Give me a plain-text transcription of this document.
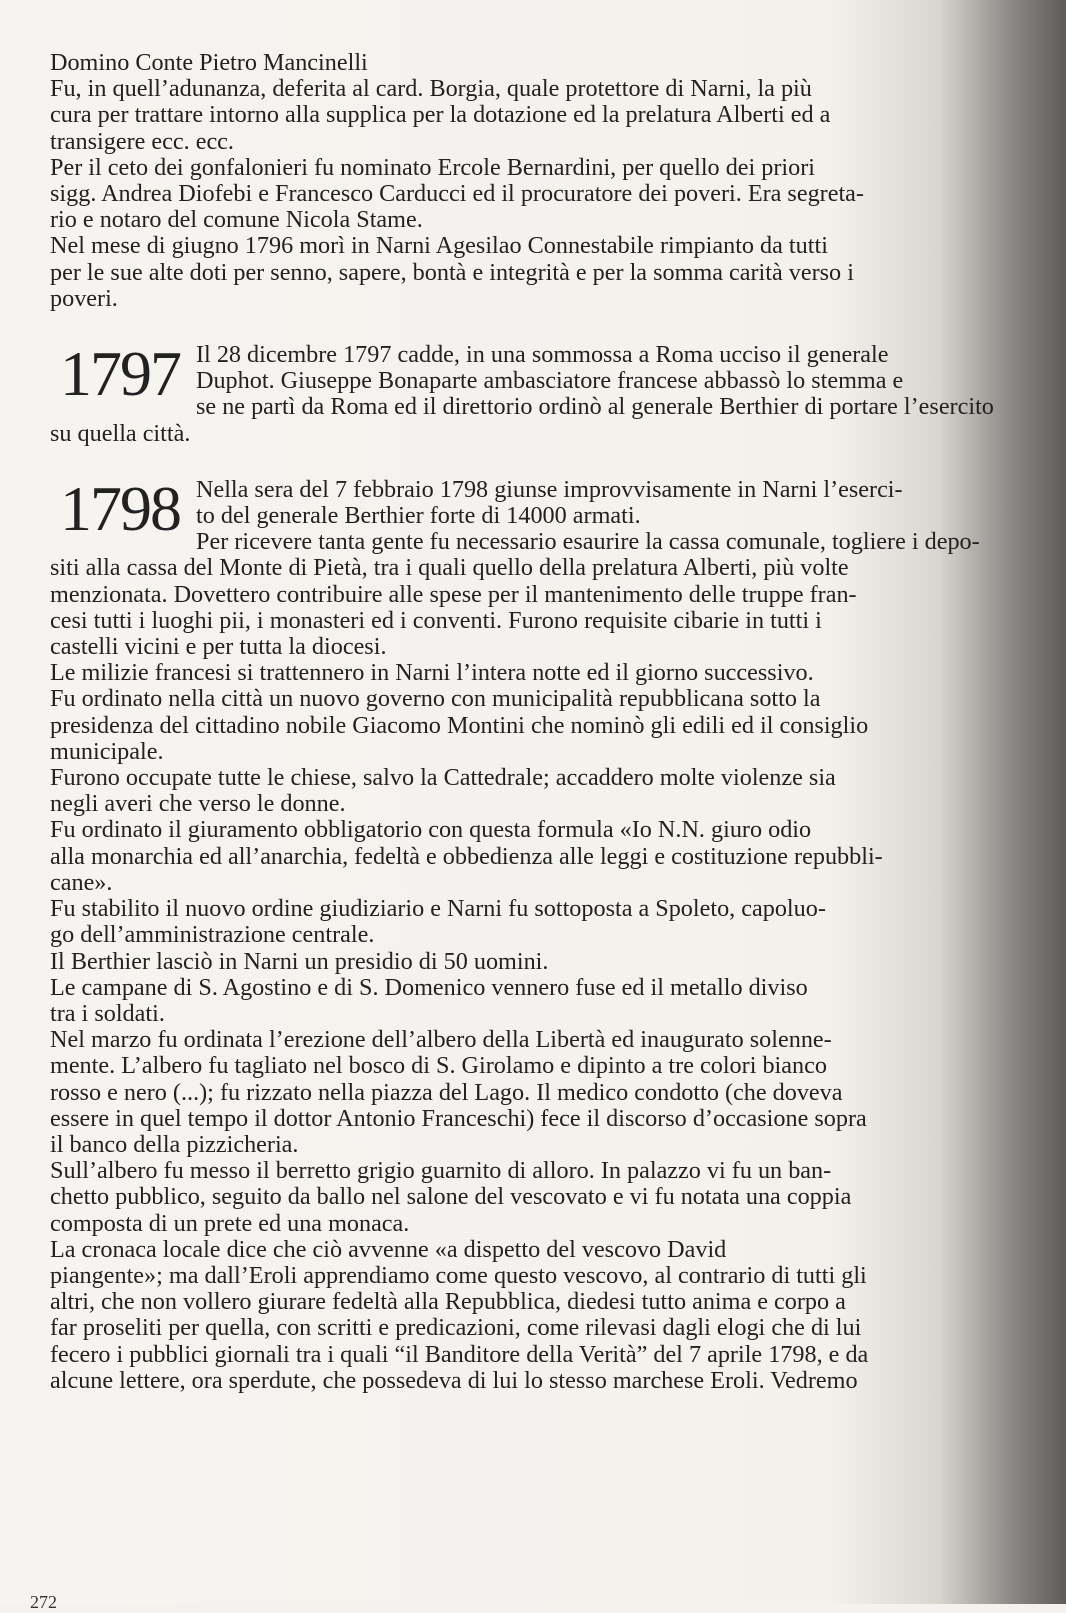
Domino Conte Pietro Mancinelli

Fu, in quell’adunanza, deferita al card. Borgia, quale protettore di Narni, la più

cura per trattare intorno alla supplica per la dotazione ed la prelatura Alberti ed a

transigere ecc. ecc.

Per il ceto dei gonfalonieri fu nominato Ercole Bernardini, per quello dei priori

sigg. Andrea Diofebi e Francesco Carducci ed il procuratore dei poveri. Era segreta-

rio e notaro del comune Nicola Stame.

Nel mese di giugno 1796 morì in Narni Agesilao Connestabile rimpianto da tutti

per le sue alte doti per senno, sapere, bontà e integrità e per la somma carità verso i

poveri.

1797 Il 28 dicembre 1797 cadde, in una sommossa a Roma ucciso il generale

Duphot. Giuseppe Bonaparte ambasciatore francese abbassò lo stemma e

se ne partì da Roma ed il direttorio ordinò al generale Berthier di portare l’esercito

su quella città.

1798 Nella sera del 7 febbraio 1798 giunse improvvisamente in Narni l’eserci-

to del generale Berthier forte di 14000 armati.

Per ricevere tanta gente fu necessario esaurire la cassa comunale, togliere i depo-

siti alla cassa del Monte di Pietà, tra i quali quello della prelatura Alberti, più volte

menzionata. Dovettero contribuire alle spese per il mantenimento delle truppe fran-

cesi tutti i luoghi pii, i monasteri ed i conventi. Furono requisite cibarie in tutti i

castelli vicini e per tutta la diocesi.

Le milizie francesi si trattennero in Narni l’intera notte ed il giorno successivo.

Fu ordinato nella città un nuovo governo con municipalità repubblicana sotto la

presidenza del cittadino nobile Giacomo Montini che nominò gli edili ed il consiglio

municipale.

Furono occupate tutte le chiese, salvo la Cattedrale; accaddero molte violenze sia

negli averi che verso le donne.

Fu ordinato il giuramento obbligatorio con questa formula «Io N.N. giuro odio

alla monarchia ed all’anarchia, fedeltà e obbedienza alle leggi e costituzione repubbli-

cane».

Fu stabilito il nuovo ordine giudiziario e Narni fu sottoposta a Spoleto, capoluo-

go dell’amministrazione centrale.

Il Berthier lasciò in Narni un presidio di 50 uomini.

Le campane di S. Agostino e di S. Domenico vennero fuse ed il metallo diviso

tra i soldati.

Nel marzo fu ordinata l’erezione dell’albero della Libertà ed inaugurato solenne-

mente. L’albero fu tagliato nel bosco di S. Girolamo e dipinto a tre colori bianco

rosso e nero (...); fu rizzato nella piazza del Lago. Il medico condotto (che doveva

essere in quel tempo il dottor Antonio Franceschi) fece il discorso d’occasione sopra

il banco della pizzicheria.

Sull’albero fu messo il berretto grigio guarnito di alloro. In palazzo vi fu un ban-

chetto pubblico, seguito da ballo nel salone del vescovato e vi fu notata una coppia

composta di un prete ed una monaca.

La cronaca locale dice che ciò avvenne «a dispetto del vescovo David

piangente»; ma dall’Eroli apprendiamo come questo vescovo, al contrario di tutti gli

altri, che non vollero giurare fedeltà alla Repubblica, diedesi tutto anima e corpo a

far proseliti per quella, con scritti e predicazioni, come rilevasi dagli elogi che di lui

fecero i pubblici giornali tra i quali “il Banditore della Verità” del 7 aprile 1798, e da

alcune lettere, ora sperdute, che possedeva di lui lo stesso marchese Eroli. Vedremo

272
